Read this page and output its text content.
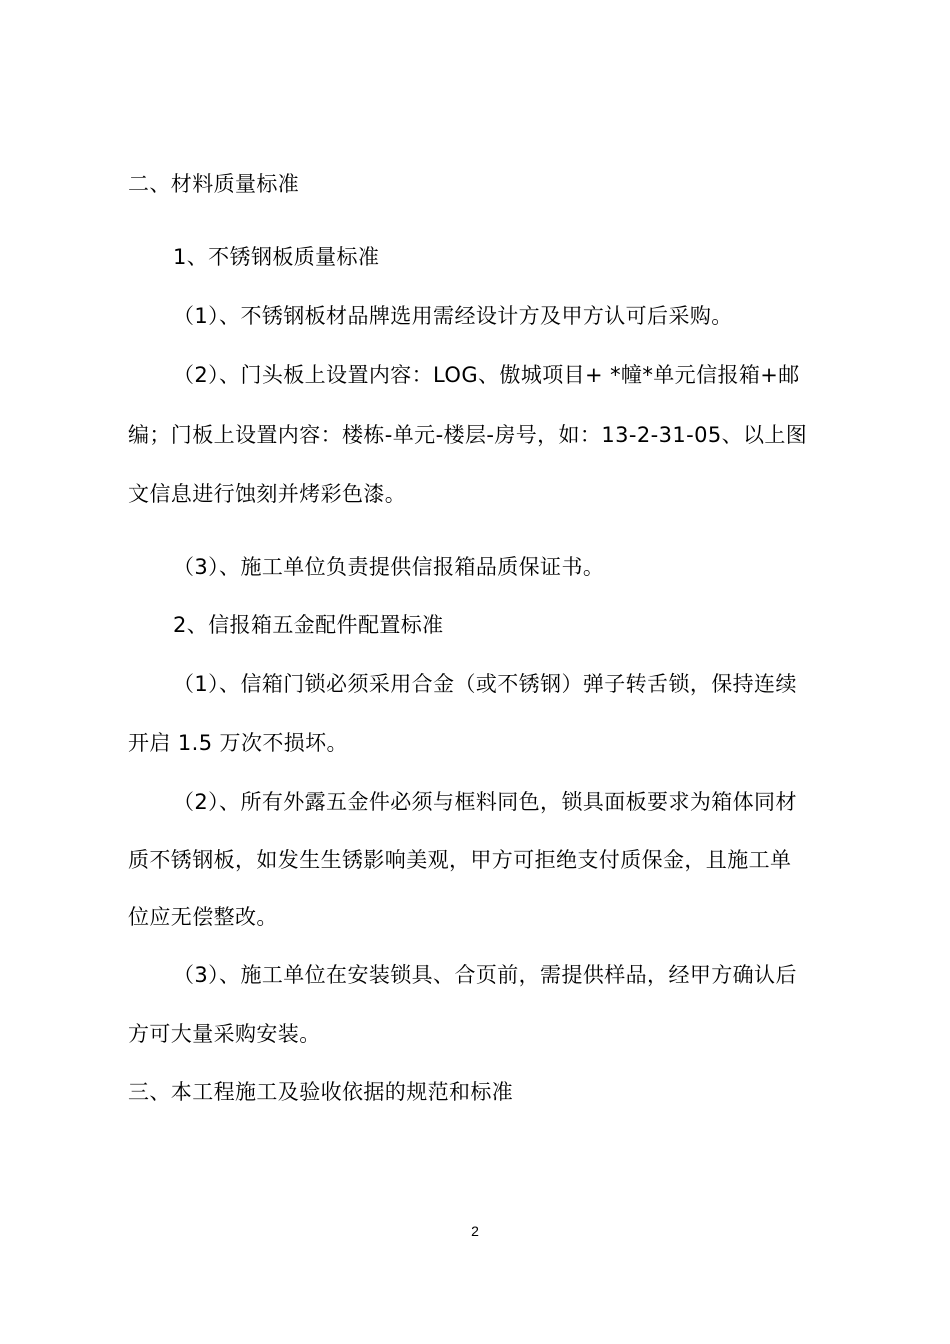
二、材料质量标准
1、不锈钢板质量标准
（1）、不锈钢板材品牌选用需经设计方及甲方认可后采购。
（2）、门头板上设置内容：LOG、傲城项目+ *幢*单元信报箱+邮
编；门板上设置内容：楼栋-单元-楼层-房号，如：13-2-31-05、以上图
文信息进行蚀刻并烤彩色漆。
（3）、施工单位负责提供信报箱品质保证书。
2、信报箱五金配件配置标准
（1）、信箱门锁必须采用合金（或不锈钢）弹子转舌锁，保持连续
开启 1.5 万次不损坏。
（2）、所有外露五金件必须与框料同色，锁具面板要求为箱体同材
质不锈钢板，如发生生锈影响美观，甲方可拒绝支付质保金，且施工单
位应无偿整改。
（3）、施工单位在安装锁具、合页前，需提供样品，经甲方确认后
方可大量采购安装。
三、本工程施工及验收依据的规范和标准
2
